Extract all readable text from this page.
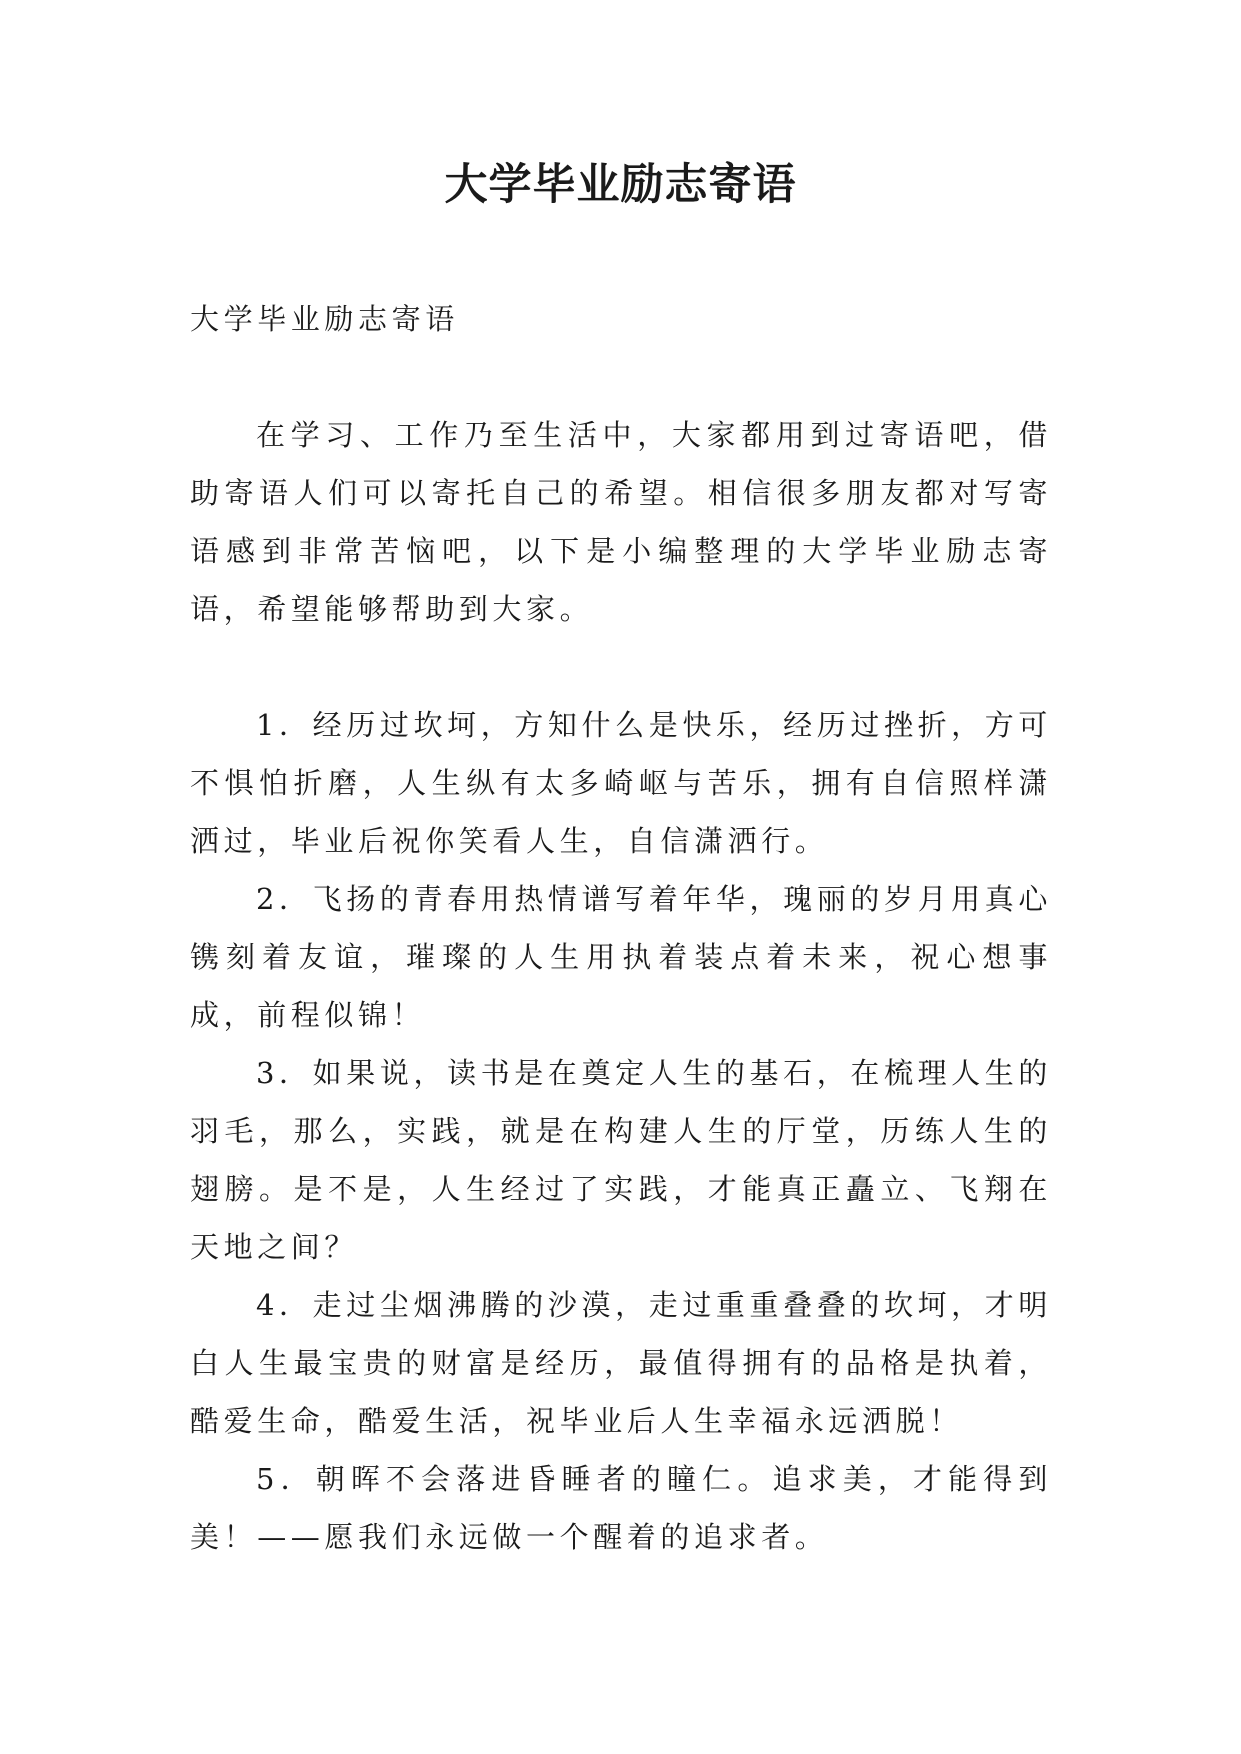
大学毕业励志寄语

大学毕业励志寄语

在学习、工作乃至生活中，大家都用到过寄语吧，借助寄语人们可以寄托自己的希望。相信很多朋友都对写寄语感到非常苦恼吧，以下是小编整理的大学毕业励志寄语，希望能够帮助到大家。

1．经历过坎坷，方知什么是快乐，经历过挫折，方可不惧怕折磨，人生纵有太多崎岖与苦乐，拥有自信照样潇洒过，毕业后祝你笑看人生，自信潇洒行。

2．飞扬的青春用热情谱写着年华，瑰丽的岁月用真心镌刻着友谊，璀璨的人生用执着装点着未来，祝心想事成，前程似锦！

3．如果说，读书是在奠定人生的基石，在梳理人生的羽毛，那么，实践，就是在构建人生的厅堂，历练人生的翅膀。是不是，人生经过了实践，才能真正矗立、飞翔在天地之间？

4．走过尘烟沸腾的沙漠，走过重重叠叠的坎坷，才明白人生最宝贵的财富是经历，最值得拥有的品格是执着，酷爱生命，酷爱生活，祝毕业后人生幸福永远洒脱！

5．朝晖不会落进昏睡者的瞳仁。追求美，才能得到美！——愿我们永远做一个醒着的追求者。
